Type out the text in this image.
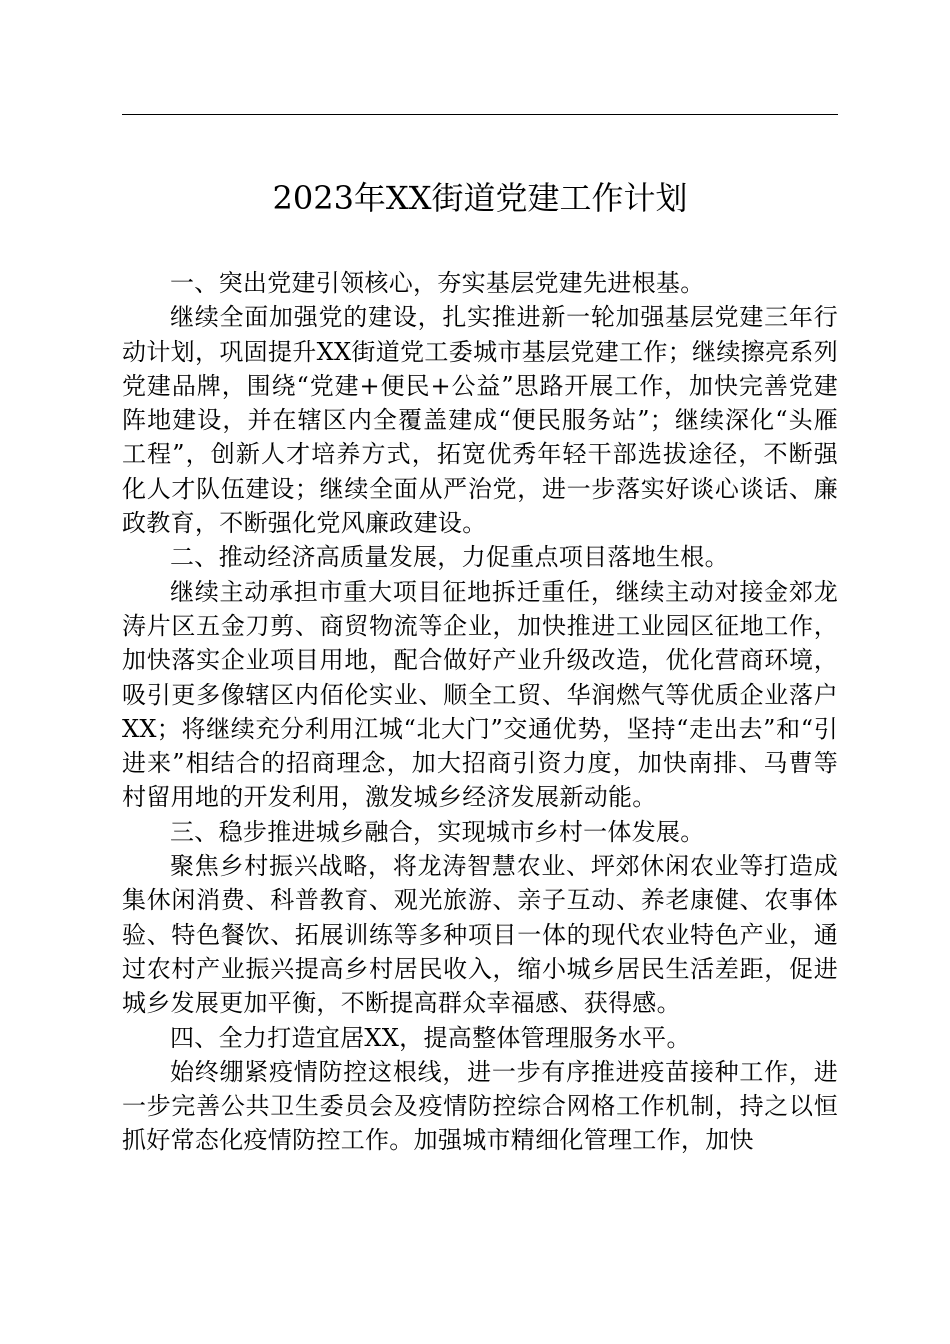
2023年XX街道党建工作计划

一、突出党建引领核心，夯实基层党建先进根基。

继续全面加强党的建设，扎实推进新一轮加强基层党建三年行动计划，巩固提升XX街道党工委城市基层党建工作；继续擦亮系列党建品牌，围绕“党建+便民+公益”思路开展工作，加快完善党建阵地建设，并在辖区内全覆盖建成“便民服务站”；继续深化“头雁工程”，创新人才培养方式，拓宽优秀年轻干部选拔途径，不断强化人才队伍建设；继续全面从严治党，进一步落实好谈心谈话、廉政教育，不断强化党风廉政建设。

二、推动经济高质量发展，力促重点项目落地生根。

继续主动承担市重大项目征地拆迁重任，继续主动对接金郊龙涛片区五金刀剪、商贸物流等企业，加快推进工业园区征地工作，加快落实企业项目用地，配合做好产业升级改造，优化营商环境，吸引更多像辖区内佰伦实业、顺全工贸、华润燃气等优质企业落户XX；将继续充分利用江城“北大门”交通优势，坚持“走出去”和“引进来”相结合的招商理念，加大招商引资力度，加快南排、马曹等村留用地的开发利用，激发城乡经济发展新动能。

三、稳步推进城乡融合，实现城市乡村一体发展。

聚焦乡村振兴战略，将龙涛智慧农业、坪郊休闲农业等打造成集休闲消费、科普教育、观光旅游、亲子互动、养老康健、农事体验、特色餐饮、拓展训练等多种项目一体的现代农业特色产业，通过农村产业振兴提高乡村居民收入，缩小城乡居民生活差距，促进城乡发展更加平衡，不断提高群众幸福感、获得感。

四、全力打造宜居XX，提高整体管理服务水平。

始终绷紧疫情防控这根线，进一步有序推进疫苗接种工作，进一步完善公共卫生委员会及疫情防控综合网格工作机制，持之以恒抓好常态化疫情防控工作。加强城市精细化管理工作，加快
